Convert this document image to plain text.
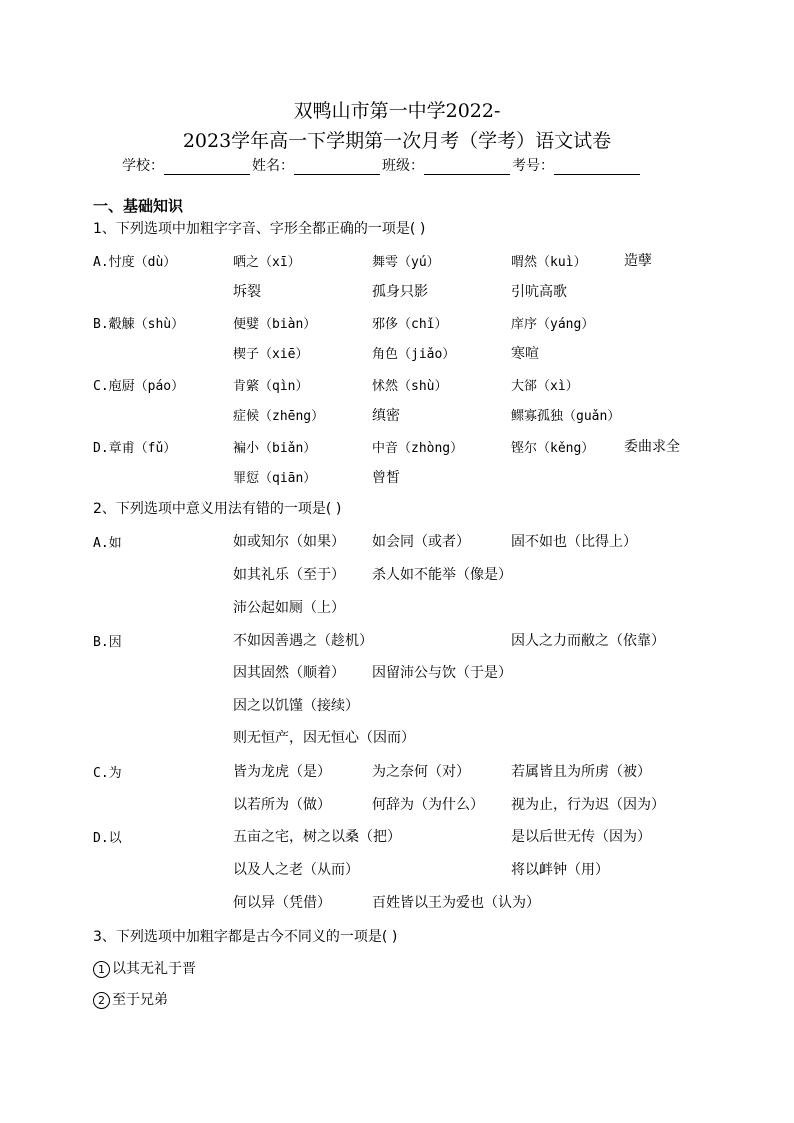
双鸭山市第一中学2022-
2023学年高一下学期第一次月考（学考）语文试卷
学校：	姓名：	班级：	考号：
一、基础知识
1、下列选项中加粗字字音、字形全都正确的一项是( )
A.忖度（dù）	哂之（xī）	舞雩（yú）	喟然（kuì）	造孽
坼裂	孤身只影	引吭高歌
B.觳觫（shù）	便嬖（biàn）	邪侈（chǐ）	庠序（yáng）
楔子（xiē）	角色（jiǎo）	寒喧
C.庖厨（páo）	肯綮（qìn）	怵然（shù）	大郤（xì）
症候（zhēng）	缜密	鳏寡孤独（guǎn）
D.章甫（fǔ）	褊小（biǎn）	中音（zhòng）	铿尔（kěng） 委曲求全
罪愆（qiān）	曾皙
2、下列选项中意义用法有错的一项是( )
A.如	如或知尔（如果） 如会同（或者）	固不如也（比得上）
如其礼乐（至于） 杀人如不能举（像是）
沛公起如厕（上）
B.因	不如因善遇之（趁机）	因人之力而敝之（依靠）
因其固然（顺着） 因留沛公与饮（于是）
因之以饥馑（接续）
则无恒产，因无恒心（因而）
C.为	皆为龙虎（是）	为之奈何（对）	若属皆且为所虏（被）
以若所为（做）	何辞为（为什么） 视为止，行为迟（因为）
D.以	五亩之宅，树之以桑（把）	是以后世无传（因为）
以及人之老（从而）	将以衅钟（用）
何以异（凭借）	百姓皆以王为爱也（认为）
3、下列选项中加粗字都是古今不同义的一项是( )
1 以其无礼于晋
2 至于兄弟
